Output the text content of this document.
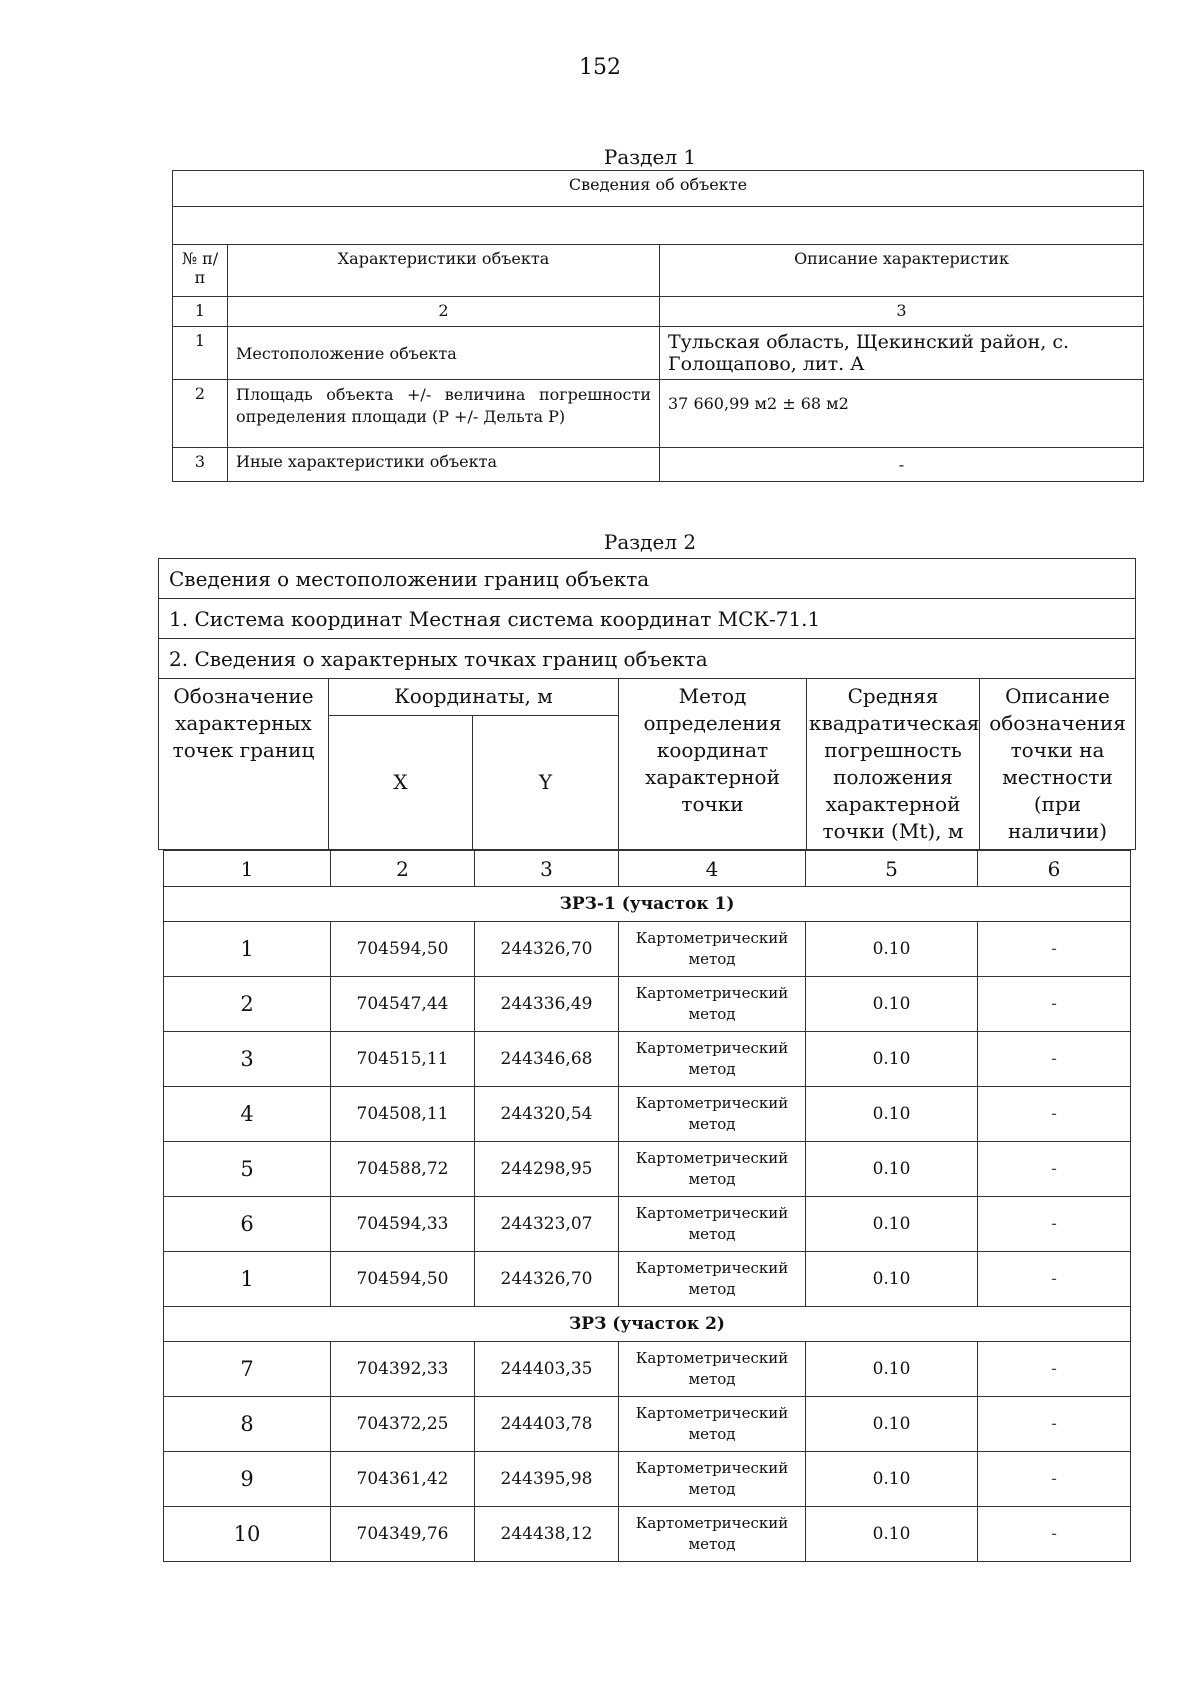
152
Раздел 1
Сведения об объекте		

№ п/п	Характеристики объекта	Описание характеристик
1	2	3
1	Местоположение объекта	Тульская область, Щекинский район, с. Голощапово, лит. А
2	Площадь объекта +/- величина погрешности определения площади (Р +/- Дельта Р)	37 660,99 м2 ± 68 м2
3	Иные характеристики объекта	-
Раздел 2
Сведения о местоположении границ объекта					
1. Система координат Местная система координат МСК-71.1					
2. Сведения о характерных точках границ объекта					
Обозначение характерных точек границ	Координаты, м		Метод определения координат характерной точки	Средняя квадратическая погрешность положения характерной точки (Mt), м	Описание обозначения точки на местности (при наличии)
	X	Y			
1	2	3	4	5	6
ЗРЗ-1 (участок 1)					
1	704594,50	244326,70	Картометрический метод	0.10	-
2	704547,44	244336,49	Картометрический метод	0.10	-
3	704515,11	244346,68	Картометрический метод	0.10	-
4	704508,11	244320,54	Картометрический метод	0.10	-
5	704588,72	244298,95	Картометрический метод	0.10	-
6	704594,33	244323,07	Картометрический метод	0.10	-
1	704594,50	244326,70	Картометрический метод	0.10	-
ЗРЗ (участок 2)					
7	704392,33	244403,35	Картометрический метод	0.10	-
8	704372,25	244403,78	Картометрический метод	0.10	-
9	704361,42	244395,98	Картометрический метод	0.10	-
10	704349,76	244438,12	Картометрический метод	0.10	-
